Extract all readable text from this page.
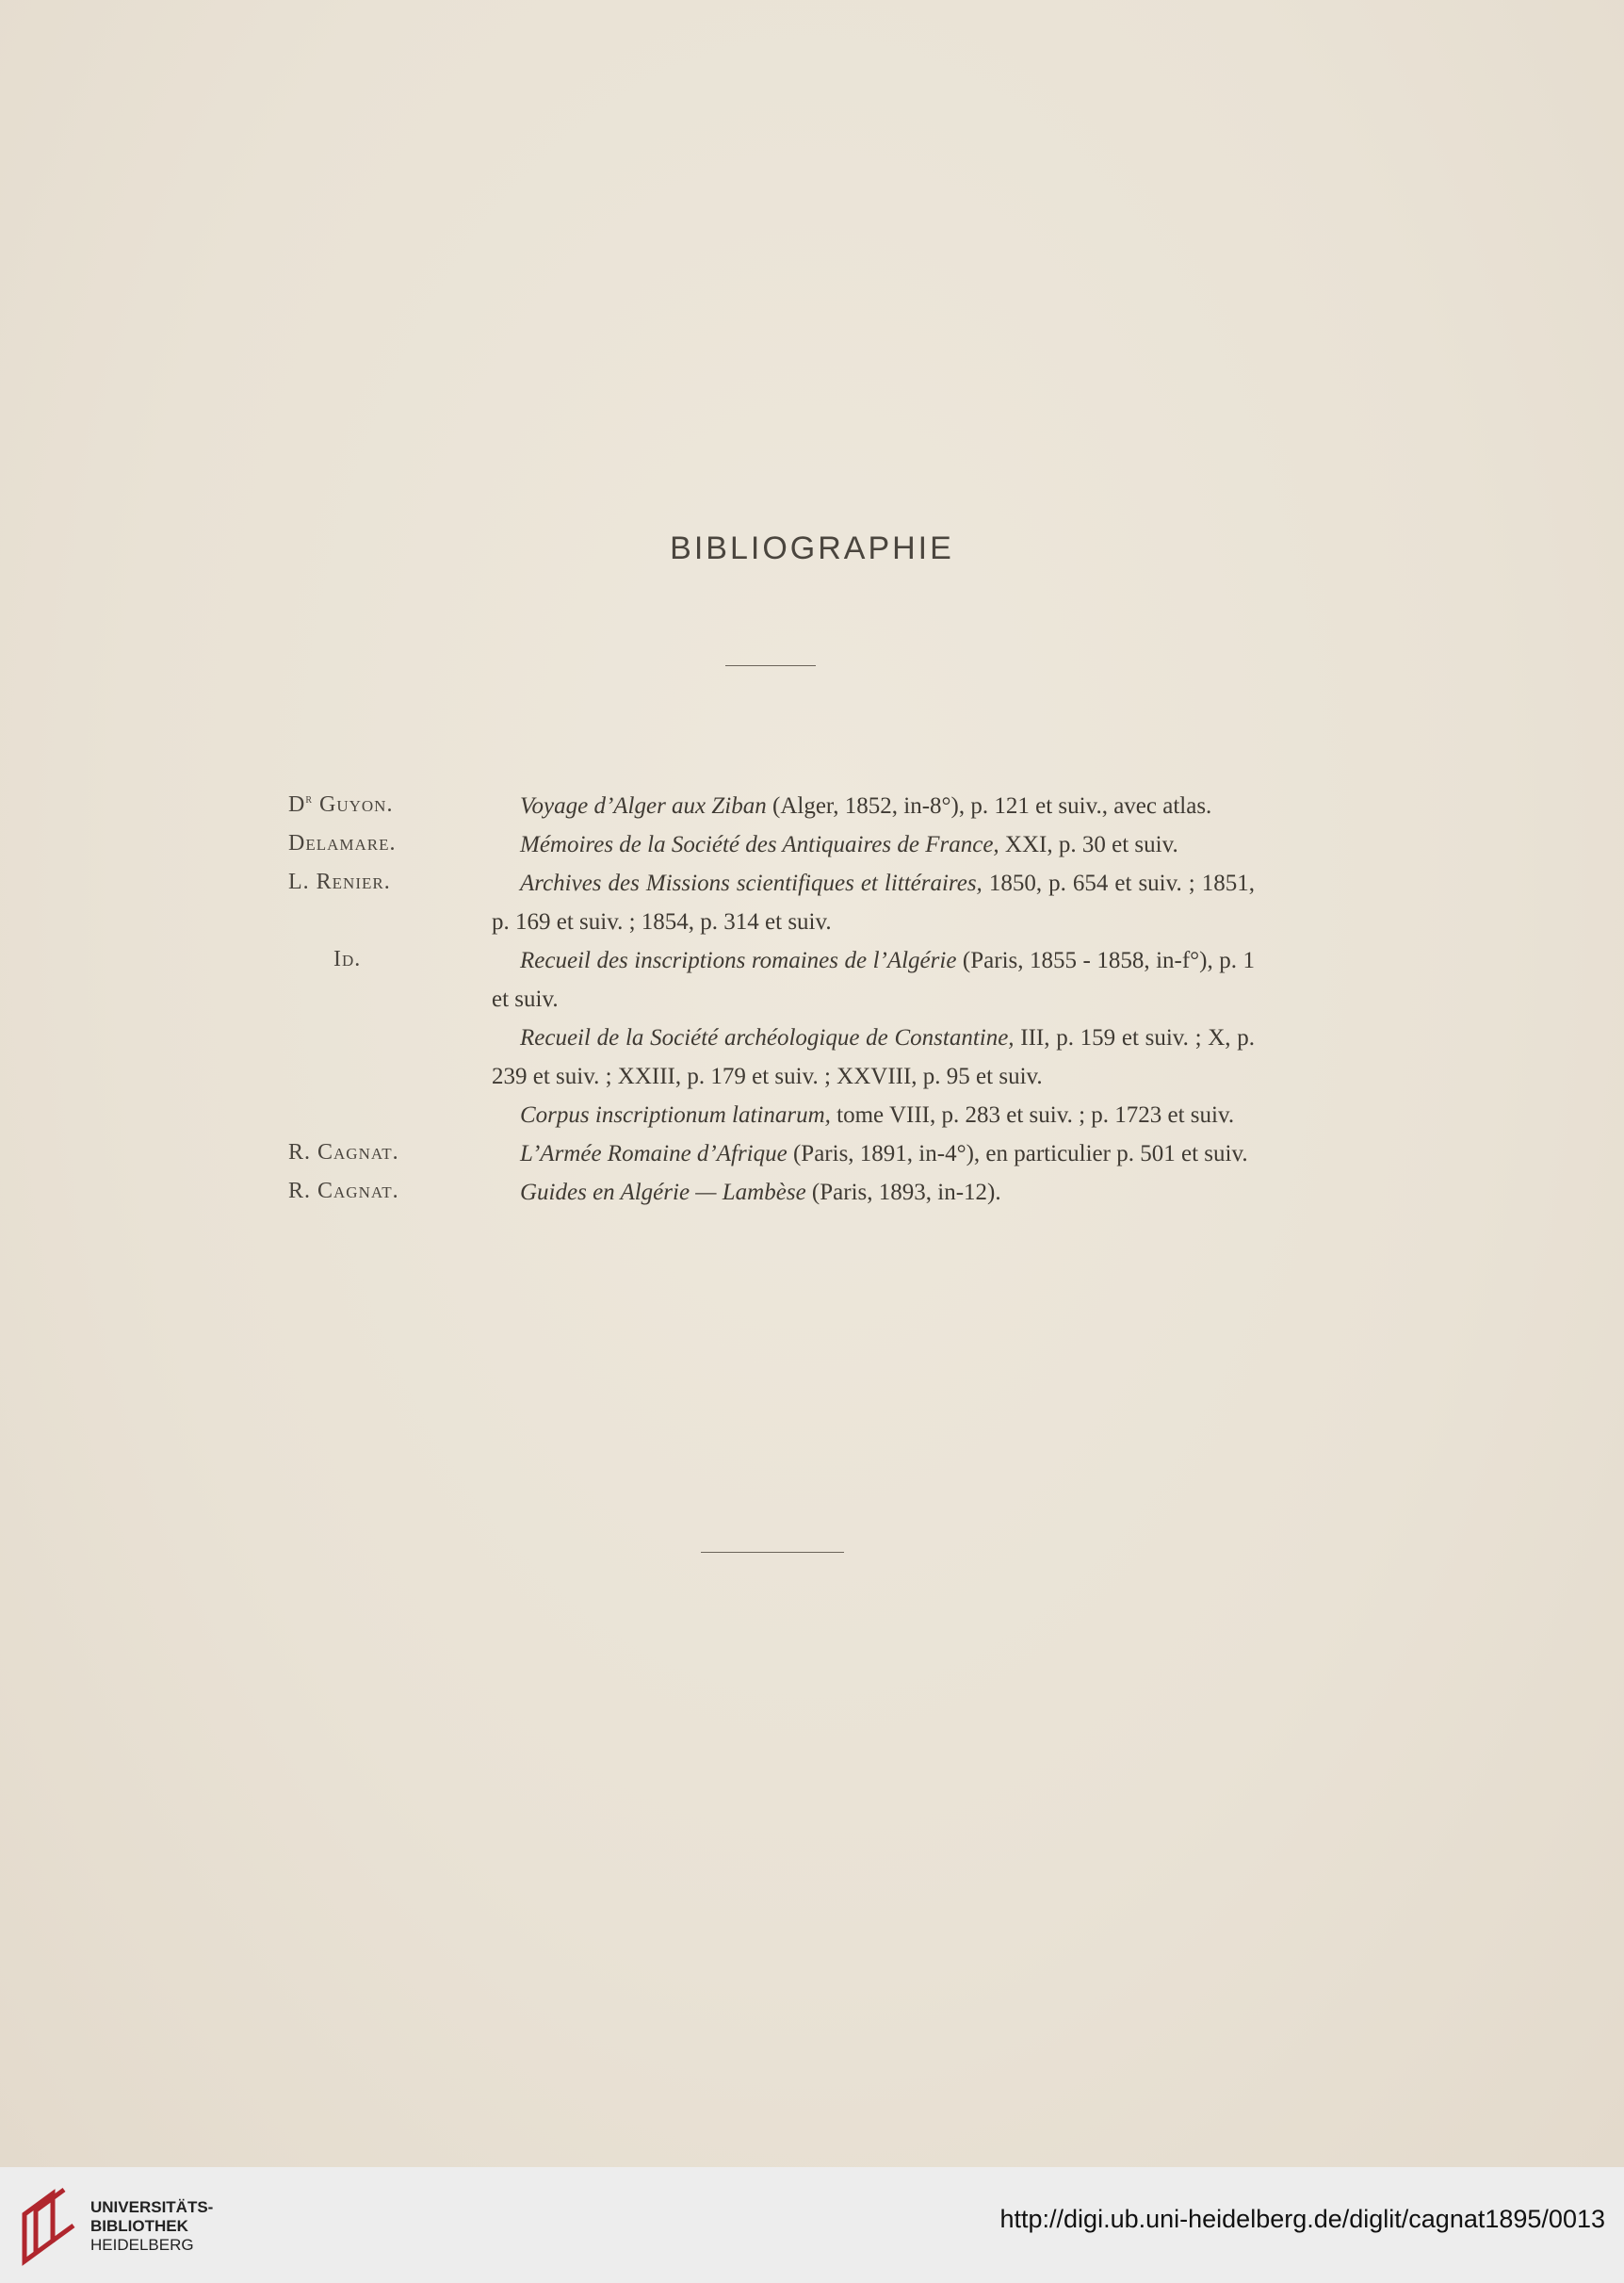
BIBLIOGRAPHIE
$D^r$ Guyon.	Voyage d’Alger aux Ziban (Alger, 1852, in-8°), p. 121 et suiv., avec atlas.
Delamare.	Mémoires de la Société des Antiquaires de France, XXI, p. 30 et suiv.
L. Renier.	Archives des Missions scientifiques et littéraires, 1850, p. 654 et suiv. ; 1851, p. 169 et suiv. ; 1854, p. 314 et suiv.
Id.	Recueil des inscriptions romaines de l’Algérie (Paris, 1855 - 1858, in-f°), p. 1 et suiv.
Recueil de la Société archéologique de Constantine, III, p. 159 et suiv. ; X, p. 239 et suiv. ; XXIII, p. 179 et suiv. ; XXVIII, p. 95 et suiv.
Corpus inscriptionum latinarum, tome VIII, p. 283 et suiv. ; p. 1723 et suiv.
R. Cagnat.	L’Armée Romaine d’Afrique (Paris, 1891, in-4°), en particulier p. 501 et suiv.
R. Cagnat.	Guides en Algérie — Lambèse (Paris, 1893, in-12).
UNIVERSITÄTS-
BIBLIOTHEK
HEIDELBERG
http://digi.ub.uni-heidelberg.de/diglit/cagnat1895/0013
